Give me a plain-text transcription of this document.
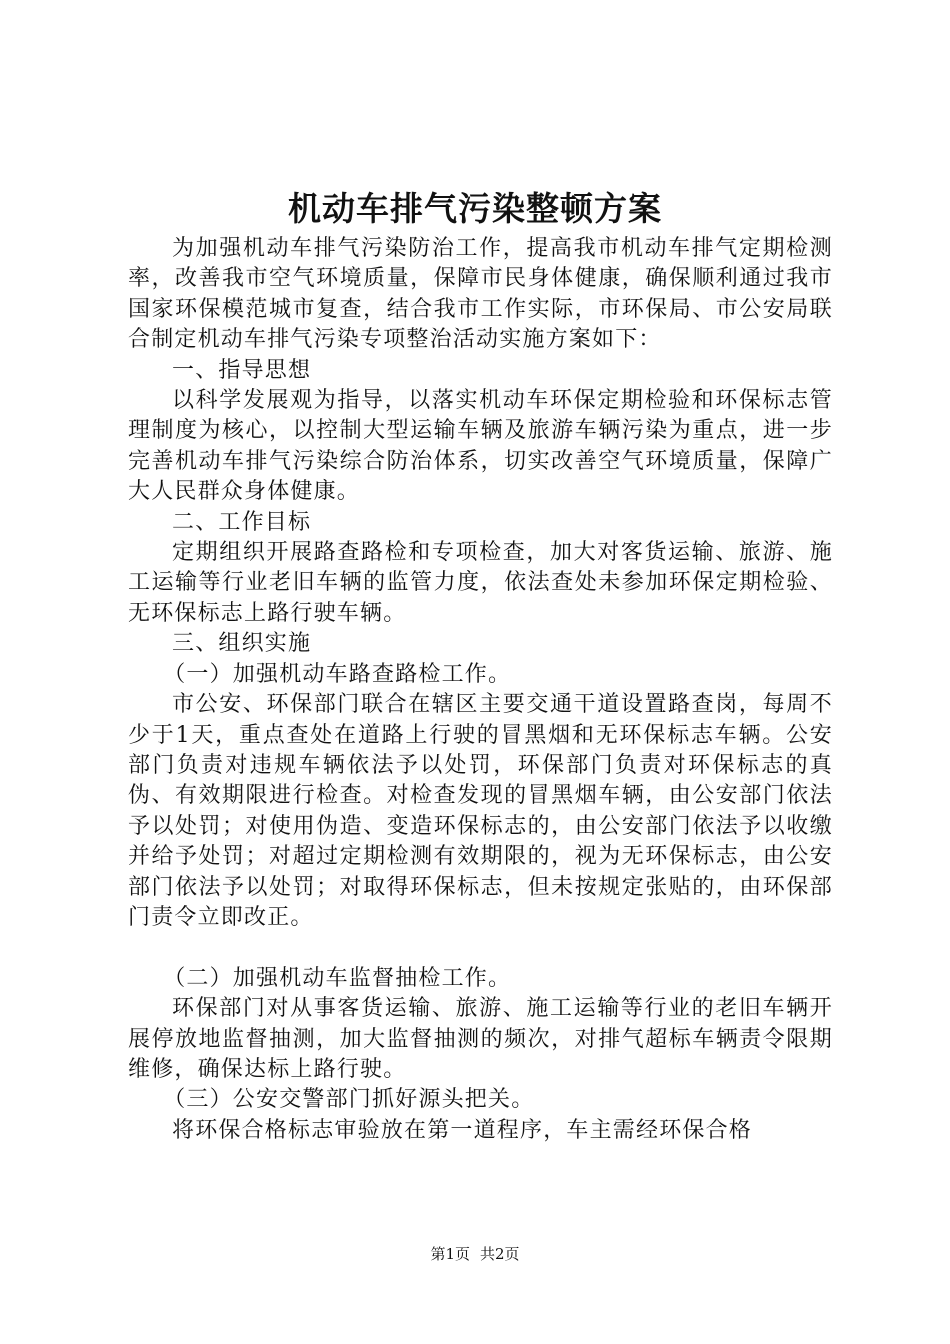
机动车排气污染整顿方案

为加强机动车排气污染防治工作，提高我市机动车排气定期检测率，改善我市空气环境质量，保障市民身体健康，确保顺利通过我市国家环保模范城市复查，结合我市工作实际，市环保局、市公安局联合制定机动车排气污染专项整治活动实施方案如下：

一、指导思想

以科学发展观为指导，以落实机动车环保定期检验和环保标志管理制度为核心，以控制大型运输车辆及旅游车辆污染为重点，进一步完善机动车排气污染综合防治体系，切实改善空气环境质量，保障广大人民群众身体健康。

二、工作目标

定期组织开展路查路检和专项检查，加大对客货运输、旅游、施工运输等行业老旧车辆的监管力度，依法查处未参加环保定期检验、无环保标志上路行驶车辆。

三、组织实施

（一）加强机动车路查路检工作。

市公安、环保部门联合在辖区主要交通干道设置路查岗，每周不少于1天，重点查处在道路上行驶的冒黑烟和无环保标志车辆。公安部门负责对违规车辆依法予以处罚，环保部门负责对环保标志的真伪、有效期限进行检查。对检查发现的冒黑烟车辆，由公安部门依法予以处罚；对使用伪造、变造环保标志的，由公安部门依法予以收缴并给予处罚；对超过定期检测有效期限的，视为无环保标志，由公安部门依法予以处罚；对取得环保标志，但未按规定张贴的，由环保部门责令立即改正。

（二）加强机动车监督抽检工作。

环保部门对从事客货运输、旅游、施工运输等行业的老旧车辆开展停放地监督抽测，加大监督抽测的频次，对排气超标车辆责令限期维修，确保达标上路行驶。

（三）公安交警部门抓好源头把关。

将环保合格标志审验放在第一道程序，车主需经环保合格

第1页 共2页
